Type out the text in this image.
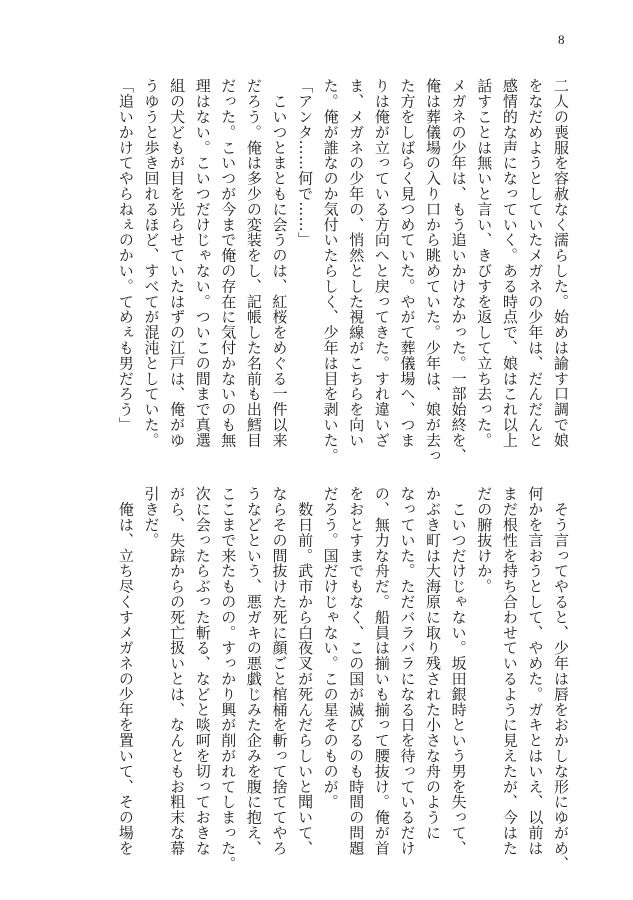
8
二人の喪服を容赦なく濡らした。始めは諭す口調で娘
をなだめようとしていたメガネの少年は、だんだんと
感情的な声になっていく。ある時点で、娘はこれ以上
話すことは無いと言い、きびすを返して立ち去った。
メガネの少年は、もう追いかけなかった。一部始終を、
俺は葬儀場の入り口から眺めていた。少年は、娘が去っ
た方をしばらく見つめていた。やがて葬儀場へ、つま
りは俺が立っている方向へと戻ってきた。すれ違いざ
ま、メガネの少年の、悄然とした視線がこちらを向い
た。俺が誰なのか気付いたらしく、少年は目を剥いた。
「アンタ……何で……」
　こいつとまともに会うのは、紅桜をめぐる一件以来
だろう。俺は多少の変装をし、記帳した名前も出鱈目
だった。こいつが今まで俺の存在に気付かないのも無
理はない。こいつだけじゃない。ついこの間まで真選
組の犬どもが目を光らせていたはずの江戸は、俺がゆ
うゆうと歩き回れるほど、すべてが混沌としていた。
「追いかけてやらねぇのかい。てめぇも男だろう」
　そう言ってやると、少年は唇をおかしな形にゆがめ、
何かを言おうとして、やめた。ガキとはいえ、以前は
まだ根性を持ち合わせているように見えたが、今はた
だの腑抜けか。
　こいつだけじゃない。坂田銀時という男を失って、
かぶき町は大海原に取り残された小さな舟のように
なっていた。ただバラバラになる日を待っているだけ
の、無力な舟だ。船員は揃いも揃って腰抜け。俺が首
をおとすまでもなく、この国が滅びるのも時間の問題
だろう。国だけじゃない。この星そのものが。
　数日前。武市から白夜叉が死んだらしいと聞いて、
ならその間抜けた死に顔ごと棺桶を斬って捨ててやろ
うなどという、悪ガキの悪戯じみた企みを腹に抱え、
ここまで来たものの。すっかり興が削がれてしまった。
次に会ったらぶった斬る、などと啖呵を切っておきな
がら、失踪からの死亡扱いとは、なんともお粗末な幕
引きだ。
　俺は、立ち尽くすメガネの少年を置いて、その場を
